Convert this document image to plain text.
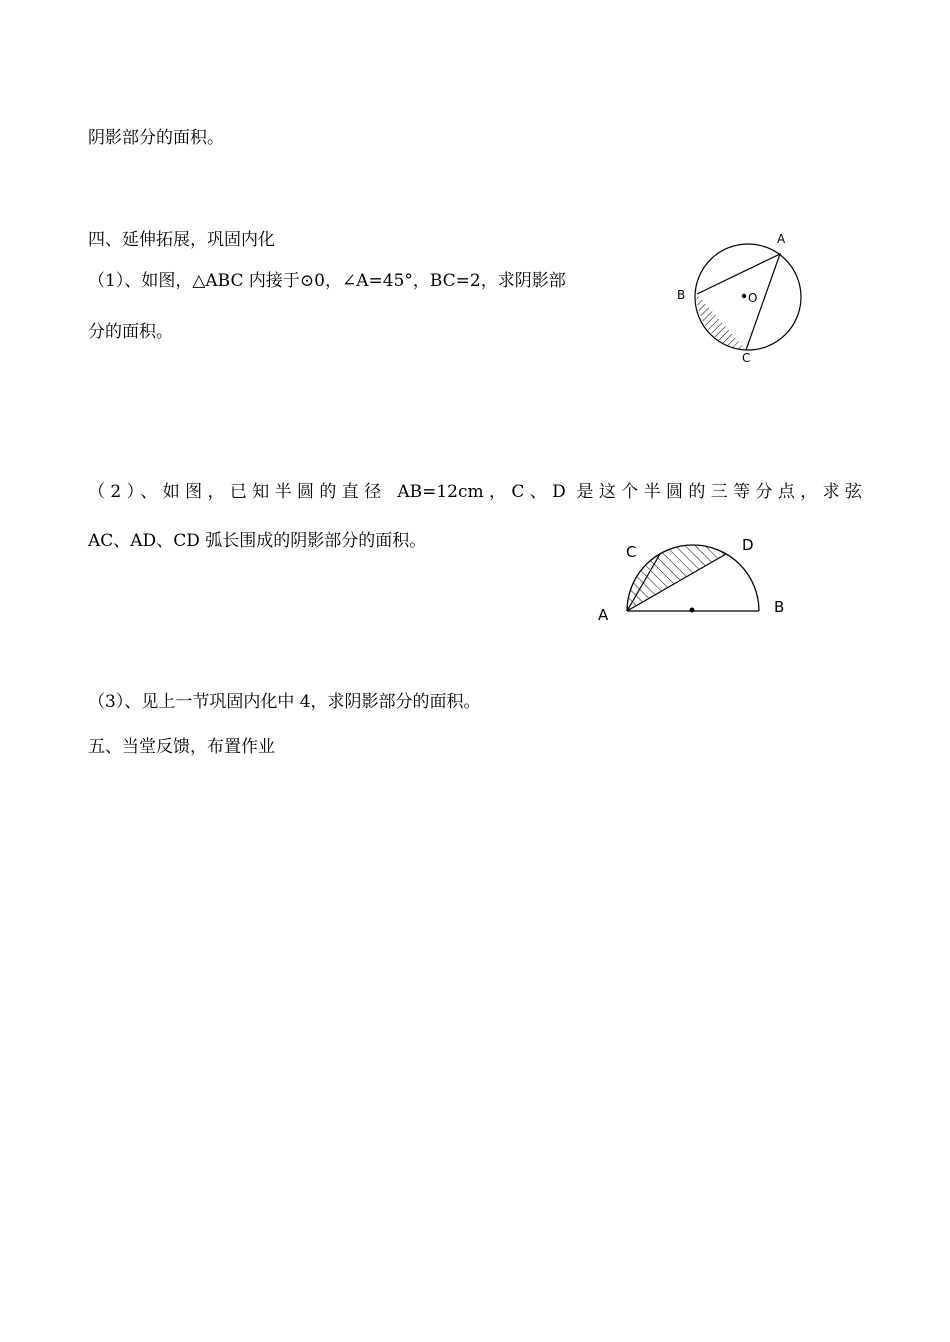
阴影部分的面积。
四、延伸拓展，巩固内化
（1）、如图，△ABC 内接于⊙0，∠A=45°，BC=2，求阴影部
分的面积。
O
A
B
C
（2）、如图，已知半圆的直径 AB=12cm，C、D 是这个半圆的三等分点，求弦
AC、AD、CD 弧长围成的阴影部分的面积。
A	B
C	D
（3）、见上一节巩固内化中 4，求阴影部分的面积。
五、当堂反馈，布置作业
